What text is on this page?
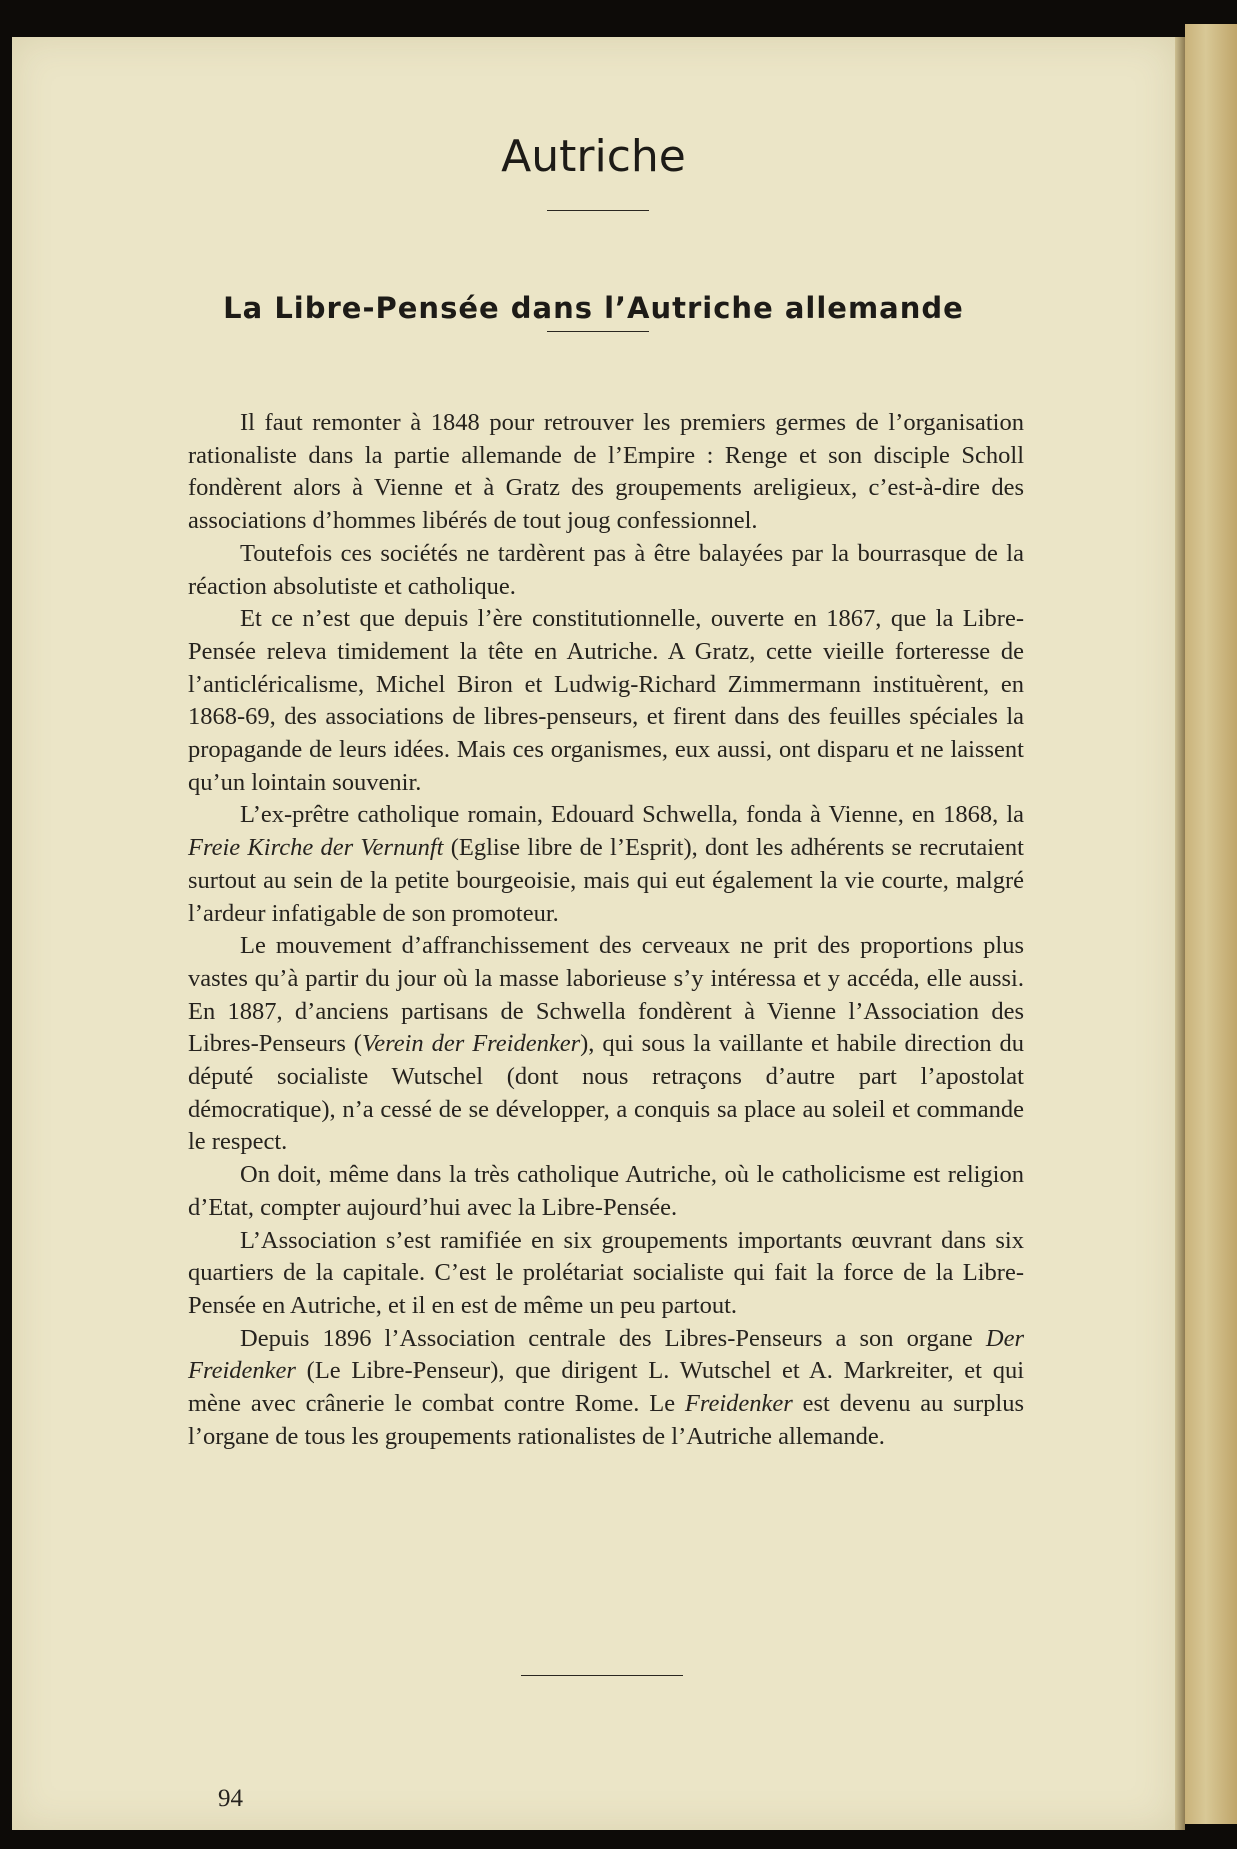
Autriche
La Libre-Pensée dans l’Autriche allemande

Il faut remonter à 1848 pour retrouver les premiers germes de l’organisation rationaliste dans la partie allemande de l’Empire : Renge et son disciple Scholl fondèrent alors à Vienne et à Gratz des groupements areligieux, c’est-à-dire des associations d’hommes libérés de tout joug confessionnel.

Toutefois ces sociétés ne tardèrent pas à être balayées par la bourrasque de la réaction absolutiste et catholique.

Et ce n’est que depuis l’ère constitutionnelle, ouverte en 1867, que la Libre-Pensée releva timidement la tête en Autriche. A Gratz, cette vieille forteresse de l’anticléricalisme, Michel Biron et Ludwig-Richard Zimmermann instituèrent, en 1868-69, des associations de libres-penseurs, et firent dans des feuilles spéciales la propagande de leurs idées. Mais ces organismes, eux aussi, ont disparu et ne laissent qu’un lointain souvenir.

L’ex-prêtre catholique romain, Edouard Schwella, fonda à Vienne, en 1868, la Freie Kirche der Vernunft (Eglise libre de l’Esprit), dont les adhérents se recrutaient surtout au sein de la petite bourgeoisie, mais qui eut également la vie courte, malgré l’ardeur infatigable de son promoteur.

Le mouvement d’affranchissement des cerveaux ne prit des proportions plus vastes qu’à partir du jour où la masse laborieuse s’y intéressa et y accéda, elle aussi. En 1887, d’anciens partisans de Schwella fondèrent à Vienne l’Association des Libres-Penseurs (Verein der Freidenker), qui sous la vaillante et habile direction du député socialiste Wutschel (dont nous retraçons d’autre part l’apostolat démocratique), n’a cessé de se développer, a conquis sa place au soleil et commande le respect.

On doit, même dans la très catholique Autriche, où le catholicisme est religion d’Etat, compter aujourd’hui avec la Libre-Pensée.

L’Association s’est ramifiée en six groupements importants œuvrant dans six quartiers de la capitale. C’est le prolétariat socialiste qui fait la force de la Libre-Pensée en Autriche, et il en est de même un peu partout.

Depuis 1896 l’Association centrale des Libres-Penseurs a son organe Der Freidenker (Le Libre-Penseur), que dirigent L. Wutschel et A. Markreiter, et qui mène avec crânerie le combat contre Rome. Le Freidenker est devenu au surplus l’organe de tous les groupements rationalistes de l’Autriche allemande.

94
